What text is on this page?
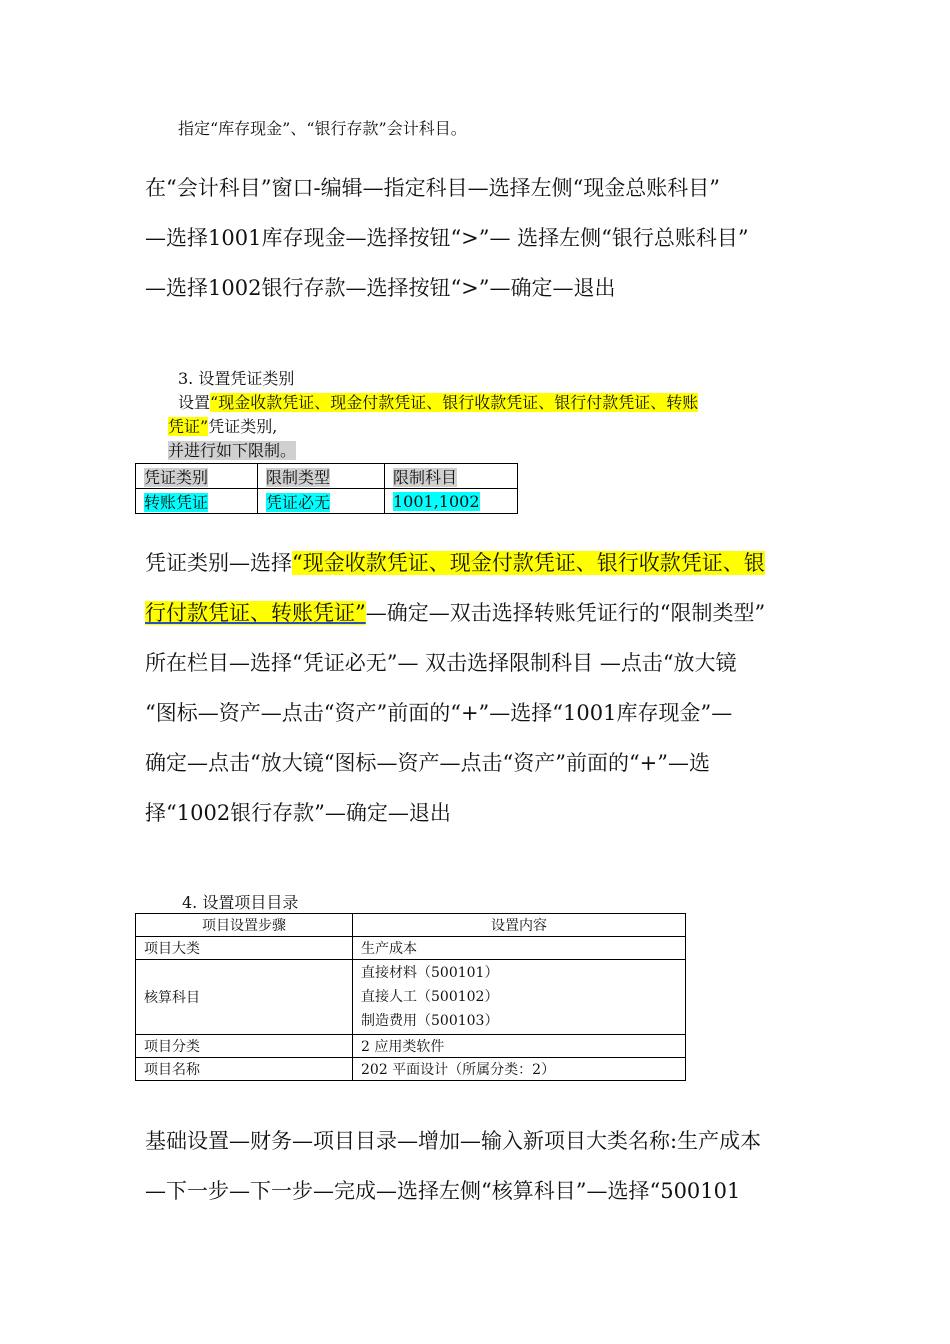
指定“库存现金”、“银行存款”会计科目。
在“会计科目”窗口-编辑—指定科目—选择左侧“现金总账科目”
—选择1001库存现金—选择按钮“>”— 选择左侧“银行总账科目”
—选择1002银行存款—选择按钮“>”—确定—退出
3. 设置凭证类别
设置“现金收款凭证、现金付款凭证、银行收款凭证、银行付款凭证、转账
凭证”凭证类别,
并进行如下限制。
凭证类别	限制类型	限制科目
转账凭证	凭证必无	1001,1002
凭证类别—选择“现金收款凭证、现金付款凭证、银行收款凭证、银
行付款凭证、转账凭证”—确定—双击选择转账凭证行的“限制类型”
所在栏目—选择“凭证必无”— 双击选择限制科目 —点击“放大镜
“图标—资产—点击“资产”前面的“+”—选择“1001库存现金”—
确定—点击“放大镜“图标—资产—点击“资产”前面的“+”—选
择“1002银行存款”—确定—退出
4. 设置项目目录
项目设置步骤	设置内容
项目大类	生产成本
核算科目	直接材料（500101）
直接人工（500102）
制造费用（500103）

项目分类	2 应用类软件
项目名称	202 平面设计（所属分类：2）
基础设置—财务—项目目录—增加—输入新项目大类名称:生产成本
—下一步—下一步—完成—选择左侧“核算科目”—选择“500101
